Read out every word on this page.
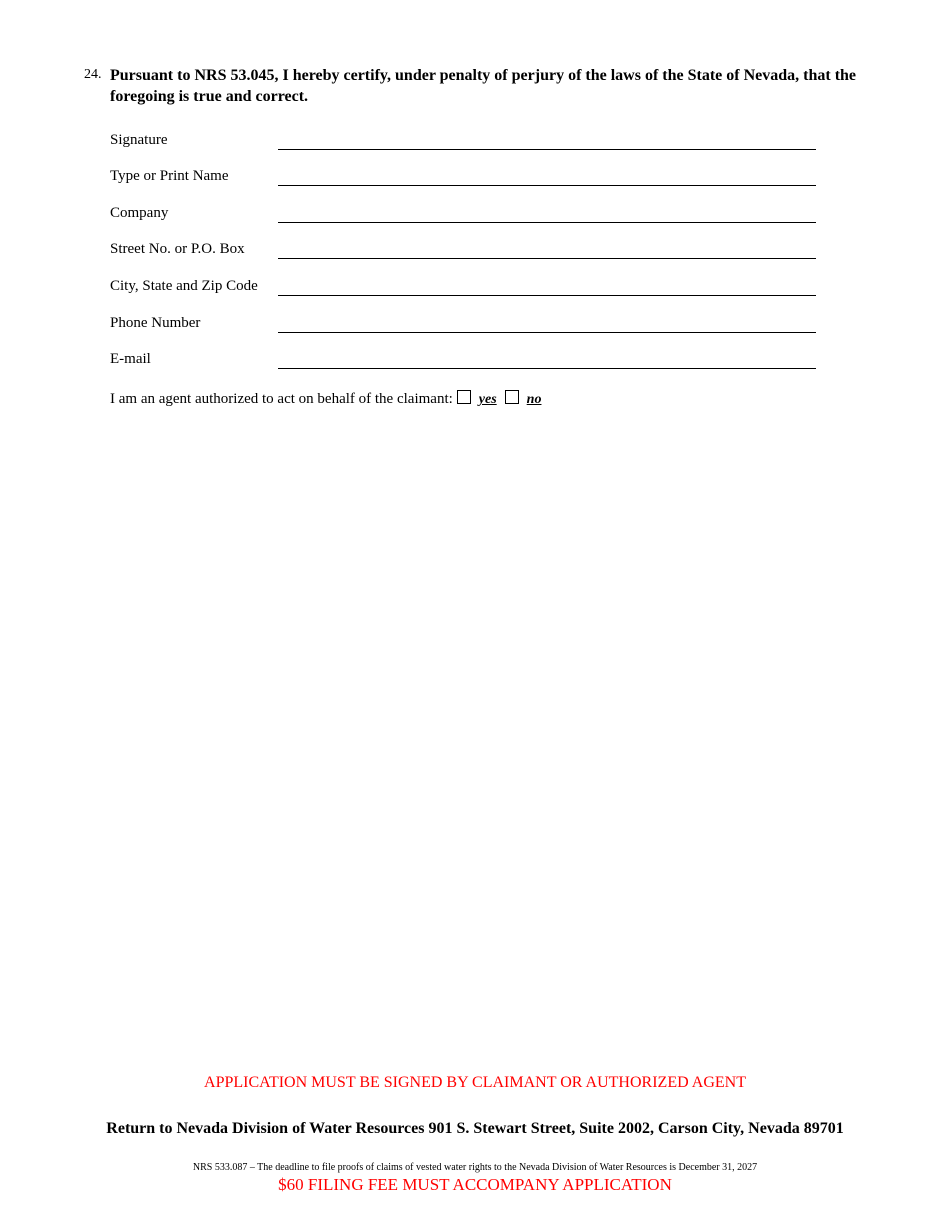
24. Pursuant to NRS 53.045, I hereby certify, under penalty of perjury of the laws of the State of Nevada, that the foregoing is true and correct.
Signature
Type or Print Name
Company
Street No. or P.O. Box
City, State and Zip Code
Phone Number
E-mail
I am an agent authorized to act on behalf of the claimant: yes no
APPLICATION MUST BE SIGNED BY CLAIMANT OR AUTHORIZED AGENT
Return to Nevada Division of Water Resources 901 S. Stewart Street, Suite 2002, Carson City, Nevada 89701
NRS 533.087 – The deadline to file proofs of claims of vested water rights to the Nevada Division of Water Resources is December 31, 2027
$60 FILING FEE MUST ACCOMPANY APPLICATION
